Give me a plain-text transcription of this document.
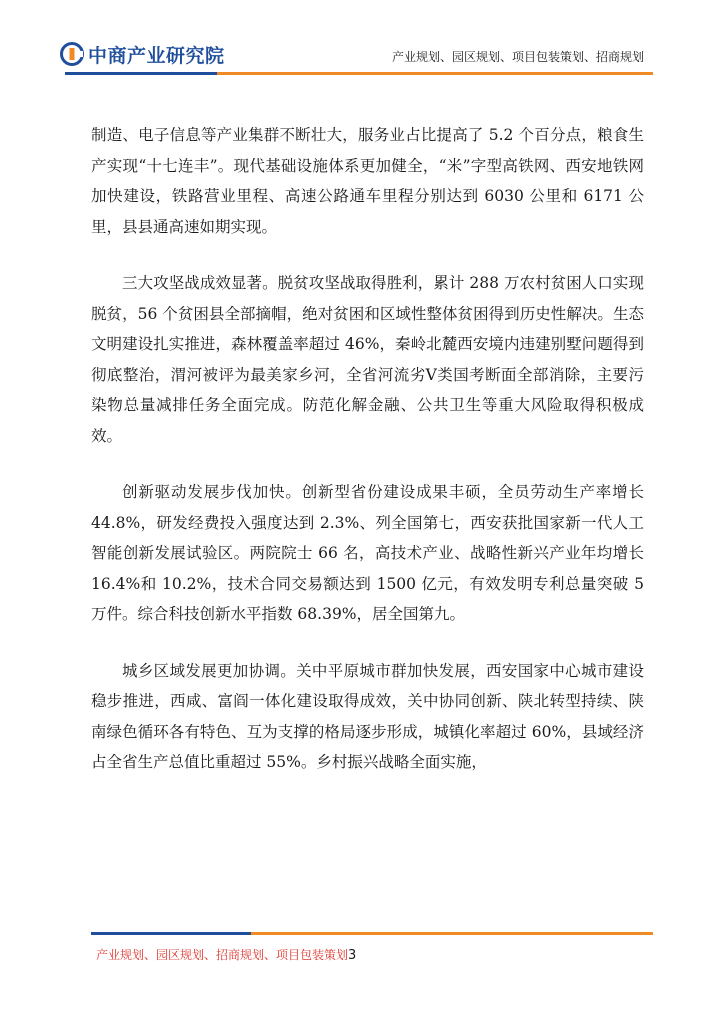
中商产业研究院	产业规划、园区规划、项目包装策划、招商规划

制造、电子信息等产业集群不断壮大，服务业占比提高了 5.2 个百分点，粮食生产实现“十七连丰”。现代基础设施体系更加健全，“米”字型高铁网、西安地铁网加快建设，铁路营业里程、高速公路通车里程分别达到 6030 公里和 6171 公里，县县通高速如期实现。

三大攻坚战成效显著。脱贫攻坚战取得胜利，累计 288 万农村贫困人口实现脱贫，56 个贫困县全部摘帽，绝对贫困和区域性整体贫困得到历史性解决。生态文明建设扎实推进，森林覆盖率超过 46%，秦岭北麓西安境内违建别墅问题得到彻底整治，渭河被评为最美家乡河，全省河流劣Ⅴ类国考断面全部消除，主要污染物总量减排任务全面完成。防范化解金融、公共卫生等重大风险取得积极成效。

创新驱动发展步伐加快。创新型省份建设成果丰硕，全员劳动生产率增长 44.8%，研发经费投入强度达到 2.3%、列全国第七，西安获批国家新一代人工智能创新发展试验区。两院院士 66 名，高技术产业、战略性新兴产业年均增长 16.4%和 10.2%，技术合同交易额达到 1500 亿元，有效发明专利总量突破 5 万件。综合科技创新水平指数 68.39%，居全国第九。

城乡区域发展更加协调。关中平原城市群加快发展，西安国家中心城市建设稳步推进，西咸、富阎一体化建设取得成效，关中协同创新、陕北转型持续、陕南绿色循环各有特色、互为支撑的格局逐步形成，城镇化率超过 60%，县域经济占全省生产总值比重超过 55%。乡村振兴战略全面实施，

产业规划、园区规划、招商规划、项目包装策划3
